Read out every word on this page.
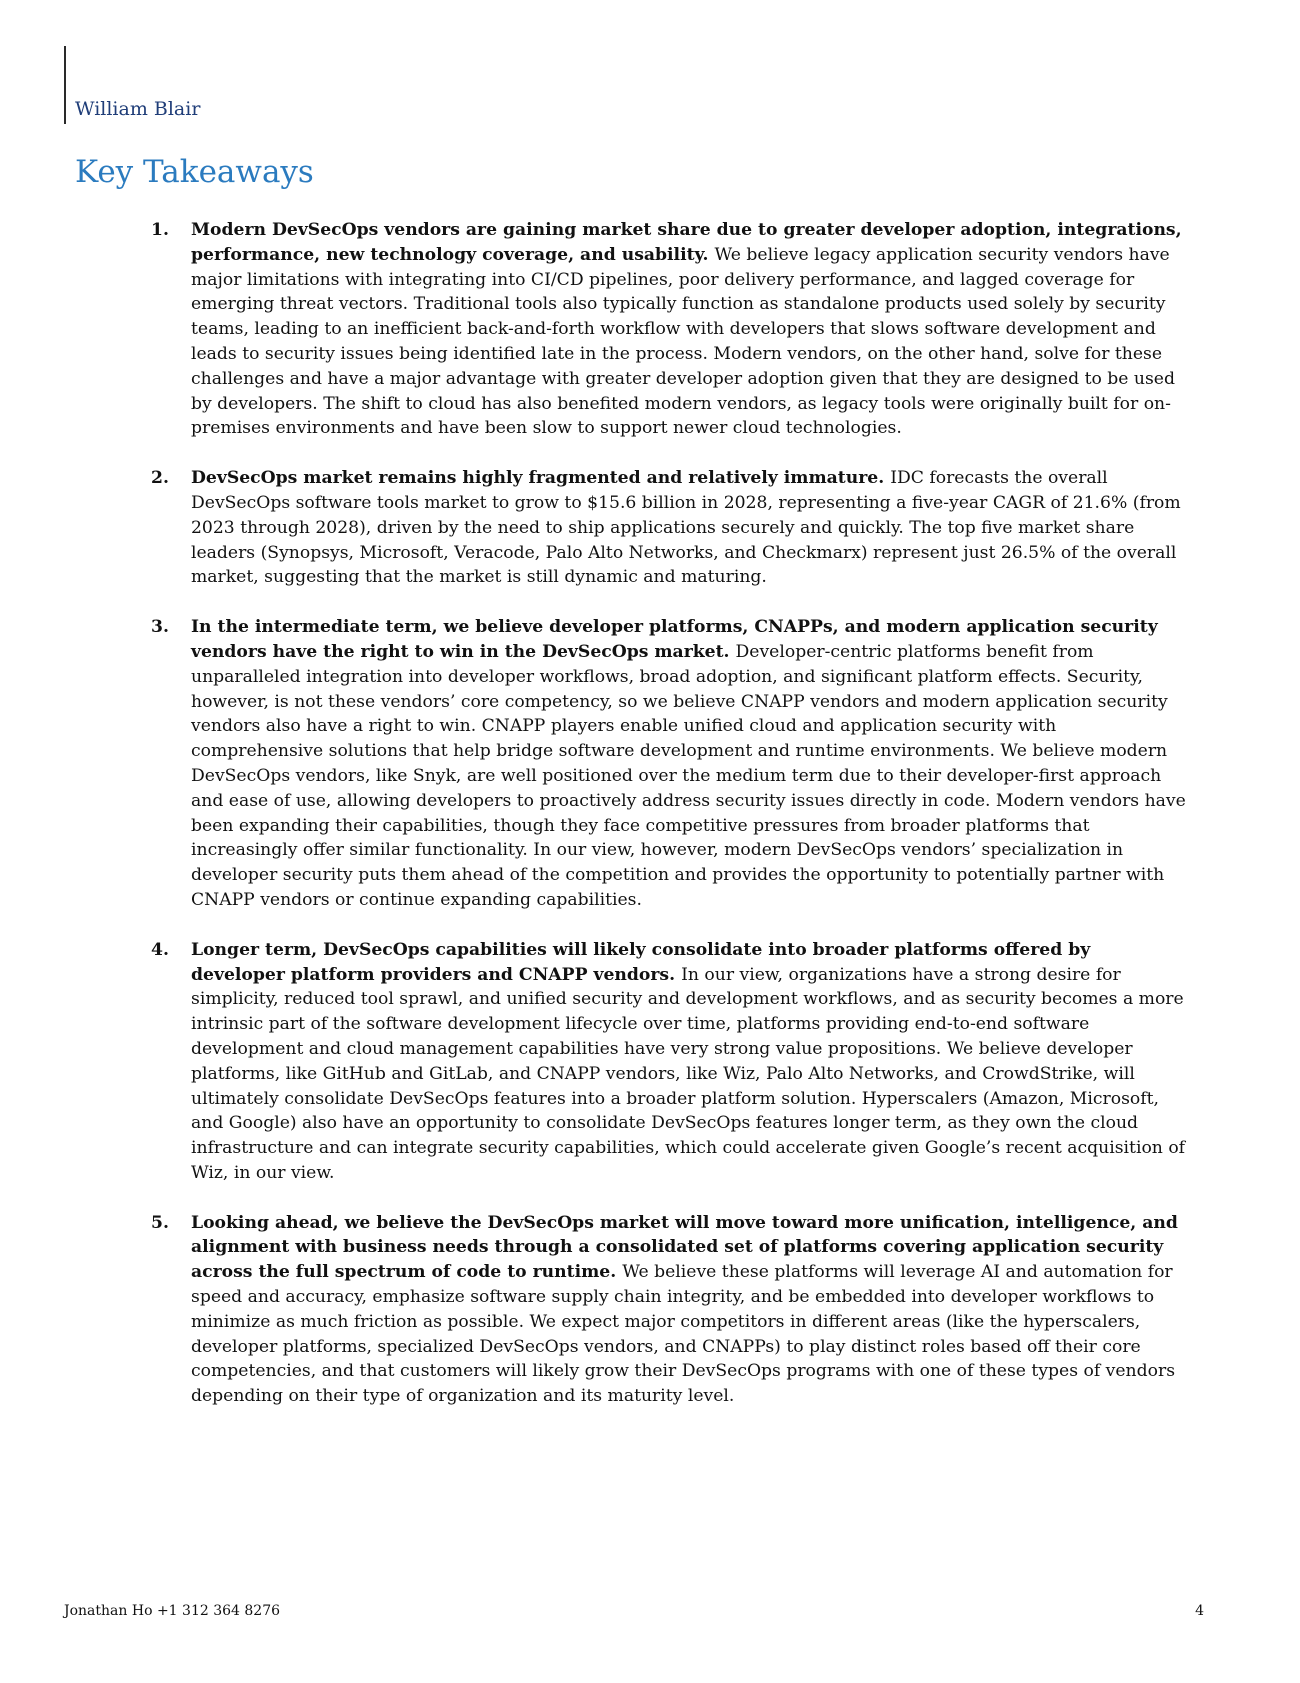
William Blair
Key Takeaways
1. Modern DevSecOps vendors are gaining market share due to greater developer adoption, integrations, performance, new technology coverage, and usability. We believe legacy application security vendors have major limitations with integrating into CI/CD pipelines, poor delivery performance, and lagged coverage for emerging threat vectors. Traditional tools also typically function as standalone products used solely by security teams, leading to an inefficient back-and-forth workflow with developers that slows software development and leads to security issues being identified late in the process. Modern vendors, on the other hand, solve for these challenges and have a major advantage with greater developer adoption given that they are designed to be used by developers. The shift to cloud has also benefited modern vendors, as legacy tools were originally built for on-premises environments and have been slow to support newer cloud technologies.
2. DevSecOps market remains highly fragmented and relatively immature. IDC forecasts the overall DevSecOps software tools market to grow to $15.6 billion in 2028, representing a five-year CAGR of 21.6% (from 2023 through 2028), driven by the need to ship applications securely and quickly. The top five market share leaders (Synopsys, Microsoft, Veracode, Palo Alto Networks, and Checkmarx) represent just 26.5% of the overall market, suggesting that the market is still dynamic and maturing.
3. In the intermediate term, we believe developer platforms, CNAPPs, and modern application security vendors have the right to win in the DevSecOps market. Developer-centric platforms benefit from unparalleled integration into developer workflows, broad adoption, and significant platform effects. Security, however, is not these vendors’ core competency, so we believe CNAPP vendors and modern application security vendors also have a right to win. CNAPP players enable unified cloud and application security with comprehensive solutions that help bridge software development and runtime environments. We believe modern DevSecOps vendors, like Snyk, are well positioned over the medium term due to their developer-first approach and ease of use, allowing developers to proactively address security issues directly in code. Modern vendors have been expanding their capabilities, though they face competitive pressures from broader platforms that increasingly offer similar functionality. In our view, however, modern DevSecOps vendors’ specialization in developer security puts them ahead of the competition and provides the opportunity to potentially partner with CNAPP vendors or continue expanding capabilities.
4. Longer term, DevSecOps capabilities will likely consolidate into broader platforms offered by developer platform providers and CNAPP vendors. In our view, organizations have a strong desire for simplicity, reduced tool sprawl, and unified security and development workflows, and as security becomes a more intrinsic part of the software development lifecycle over time, platforms providing end-to-end software development and cloud management capabilities have very strong value propositions. We believe developer platforms, like GitHub and GitLab, and CNAPP vendors, like Wiz, Palo Alto Networks, and CrowdStrike, will ultimately consolidate DevSecOps features into a broader platform solution. Hyperscalers (Amazon, Microsoft, and Google) also have an opportunity to consolidate DevSecOps features longer term, as they own the cloud infrastructure and can integrate security capabilities, which could accelerate given Google’s recent acquisition of Wiz, in our view.
5. Looking ahead, we believe the DevSecOps market will move toward more unification, intelligence, and alignment with business needs through a consolidated set of platforms covering application security across the full spectrum of code to runtime. We believe these platforms will leverage AI and automation for speed and accuracy, emphasize software supply chain integrity, and be embedded into developer workflows to minimize as much friction as possible. We expect major competitors in different areas (like the hyperscalers, developer platforms, specialized DevSecOps vendors, and CNAPPs) to play distinct roles based off their core competencies, and that customers will likely grow their DevSecOps programs with one of these types of vendors depending on their type of organization and its maturity level.
Jonathan Ho +1 312 364 8276	4
